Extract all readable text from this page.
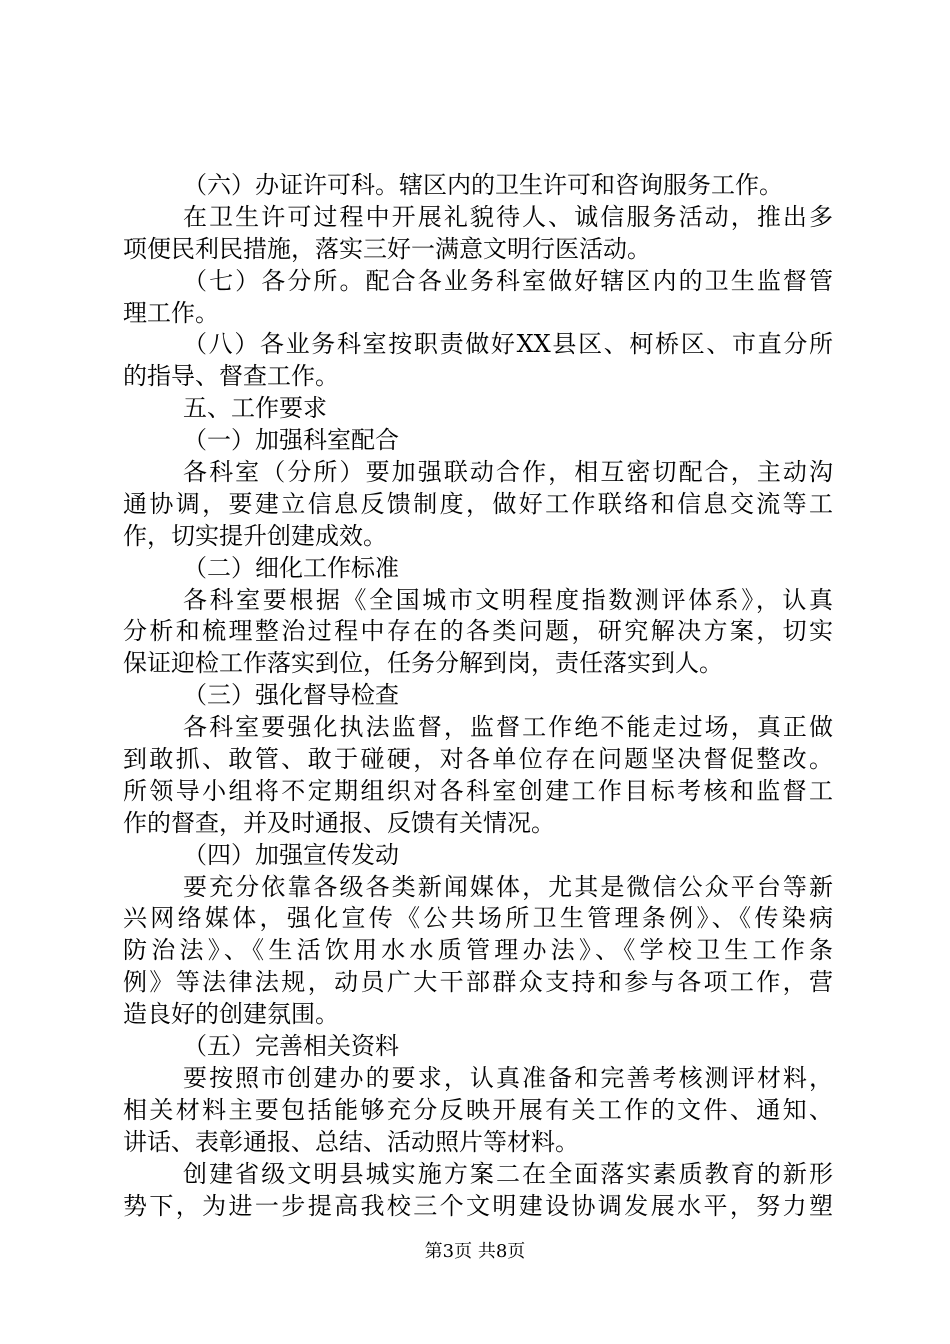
（六）办证许可科。辖区内的卫生许可和咨询服务工作。
在卫生许可过程中开展礼貌待人、诚信服务活动，推出多
项便民利民措施，落实三好一满意文明行医活动。
（七）各分所。配合各业务科室做好辖区内的卫生监督管
理工作。
（八）各业务科室按职责做好XX县区、柯桥区、市直分所
的指导、督查工作。
五、工作要求
（一）加强科室配合
各科室（分所）要加强联动合作，相互密切配合，主动沟
通协调，要建立信息反馈制度，做好工作联络和信息交流等工
作，切实提升创建成效。
（二）细化工作标准
各科室要根据《全国城市文明程度指数测评体系》，认真
分析和梳理整治过程中存在的各类问题，研究解决方案，切实
保证迎检工作落实到位，任务分解到岗，责任落实到人。
（三）强化督导检查
各科室要强化执法监督，监督工作绝不能走过场，真正做
到敢抓、敢管、敢于碰硬，对各单位存在问题坚决督促整改。
所领导小组将不定期组织对各科室创建工作目标考核和监督工
作的督查，并及时通报、反馈有关情况。
（四）加强宣传发动
要充分依靠各级各类新闻媒体，尤其是微信公众平台等新
兴网络媒体，强化宣传《公共场所卫生管理条例》、《传染病
防治法》、《生活饮用水水质管理办法》、《学校卫生工作条
例》等法律法规，动员广大干部群众支持和参与各项工作，营
造良好的创建氛围。
（五）完善相关资料
要按照市创建办的要求，认真准备和完善考核测评材料，
相关材料主要包括能够充分反映开展有关工作的文件、通知、
讲话、表彰通报、总结、活动照片等材料。
创建省级文明县城实施方案二在全面落实素质教育的新形
势下，为进一步提高我校三个文明建设协调发展水平，努力塑
第3页 共8页
